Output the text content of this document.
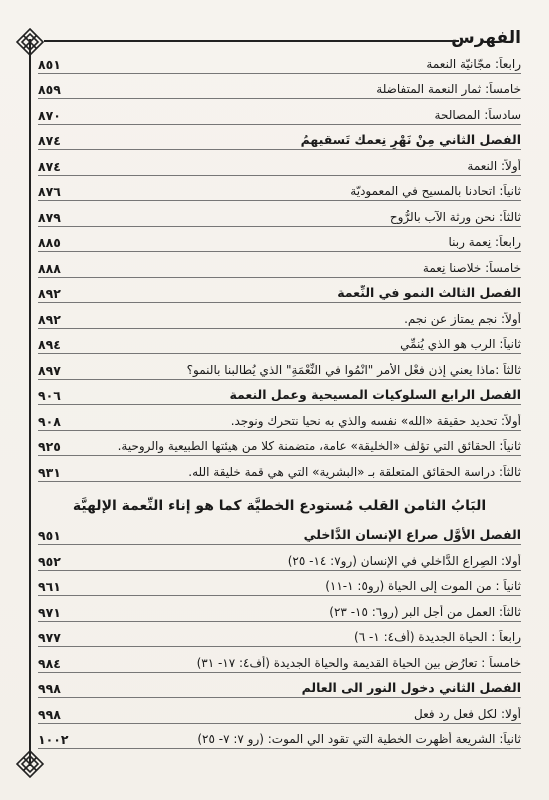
الفهرس
رابعاً: مجّانيّة النعمة
٨٥١
خامساً: ثمار النعمة المتفاضلة
٨٥٩
سادساً: المصالحة
٨٧٠
الفصل الثاني مِنْ نَهْرِ نِعمك تَسقيهمُ
٨٧٤
أولاً: النعمة
٨٧٤
ثانياً: اتحادنا بالمسيح في المعموديّة
٨٧٦
ثالثاً: نحن ورثة الآب بالرُّوح
٨٧٩
رابعاً: نِعمة ربنا
٨٨٥
خامساً: خلاصنا نِعمة
٨٨٨
الفصل الثالث النمو في النِّعمة
٨٩٢
أولاً: نجم يمتاز عن نجم.
٨٩٢
ثانياً: الرب هو الذي يُنمِّي
٨٩٤
ثالثاً :ماذا يعني إذن فعْل الأمر "انْمُوا في النِّعْمَةِ" الذي يُطالبنا بالنمو؟
٨٩٧
الفصل الرابع السلوكيات المسيحية وعمل النعمة
٩٠٦
أولاً: تحديد حقيقة «الله» نفسه والذي به نحيا نتحرك ونوجد.
٩٠٨
ثانياً: الحقائق التي تؤلف «الخليقة» عامة، متضمنة كلا من هيئتها الطبيعية والروحية.
٩٢٥
ثالثاً: دراسة الحقائق المتعلقة بـ «البشرية» التي هي قمة خليقة الله.
٩٣١
البَابُ الثامن القلب مُستودع الخطيَّة كما هو إناء النِّعمة الإلهيَّة
الفصل الأوَّل صراع الإنسان الدَّاخلي
٩٥١
أولا: الصِراع الدَّاخلي في الإنسان (رو٧: ١٤- ٢٥)
٩٥٢
ثانياً : من الموت إلى الحياة (رو٥: ١-١١)
٩٦١
ثالثاً: العمل من أجل البر (رو٦: ١٥- ٢٣)
٩٧١
رابعاً : الحياة الجديدة (أف٤: ١- ٦)
٩٧٧
خامساً : تعارُض بين الحياة القديمة والحياة الجديدة (أف٤: ١٧- ٣١)
٩٨٤
الفصل الثاني دخول النور الى العالم
٩٩٨
أولا: لكل فعل رد فعل
٩٩٨
ثانياً: الشريعة أظهرت الخطية التي تقود الي الموت: (رو ٧: ٧- ٢٥)
١٠٠٢
